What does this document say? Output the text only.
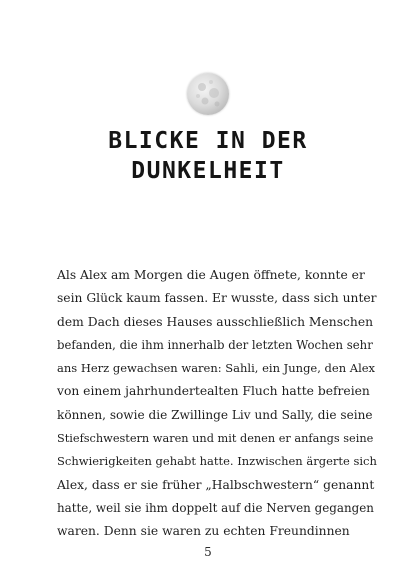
BLICKE IN DER
DUNKELHEIT
Als Alex am Morgen die Augen öffnete, konnte er
sein Glück kaum fassen. Er wusste, dass sich unter
dem Dach dieses Hauses ausschließlich Menschen
befanden, die ihm innerhalb der letzten Wochen sehr
ans Herz gewachsen waren: Sahli, ein Junge, den Alex
von einem jahrhundertealten Fluch hatte befreien
können, sowie die Zwillinge Liv und Sally, die seine
Stiefschwestern waren und mit denen er anfangs seine
Schwierigkeiten gehabt hatte. Inzwischen ärgerte sich
Alex, dass er sie früher „Halbschwestern“ genannt
hatte, weil sie ihm doppelt auf die Nerven gegangen
waren. Denn sie waren zu echten Freundinnen
5
